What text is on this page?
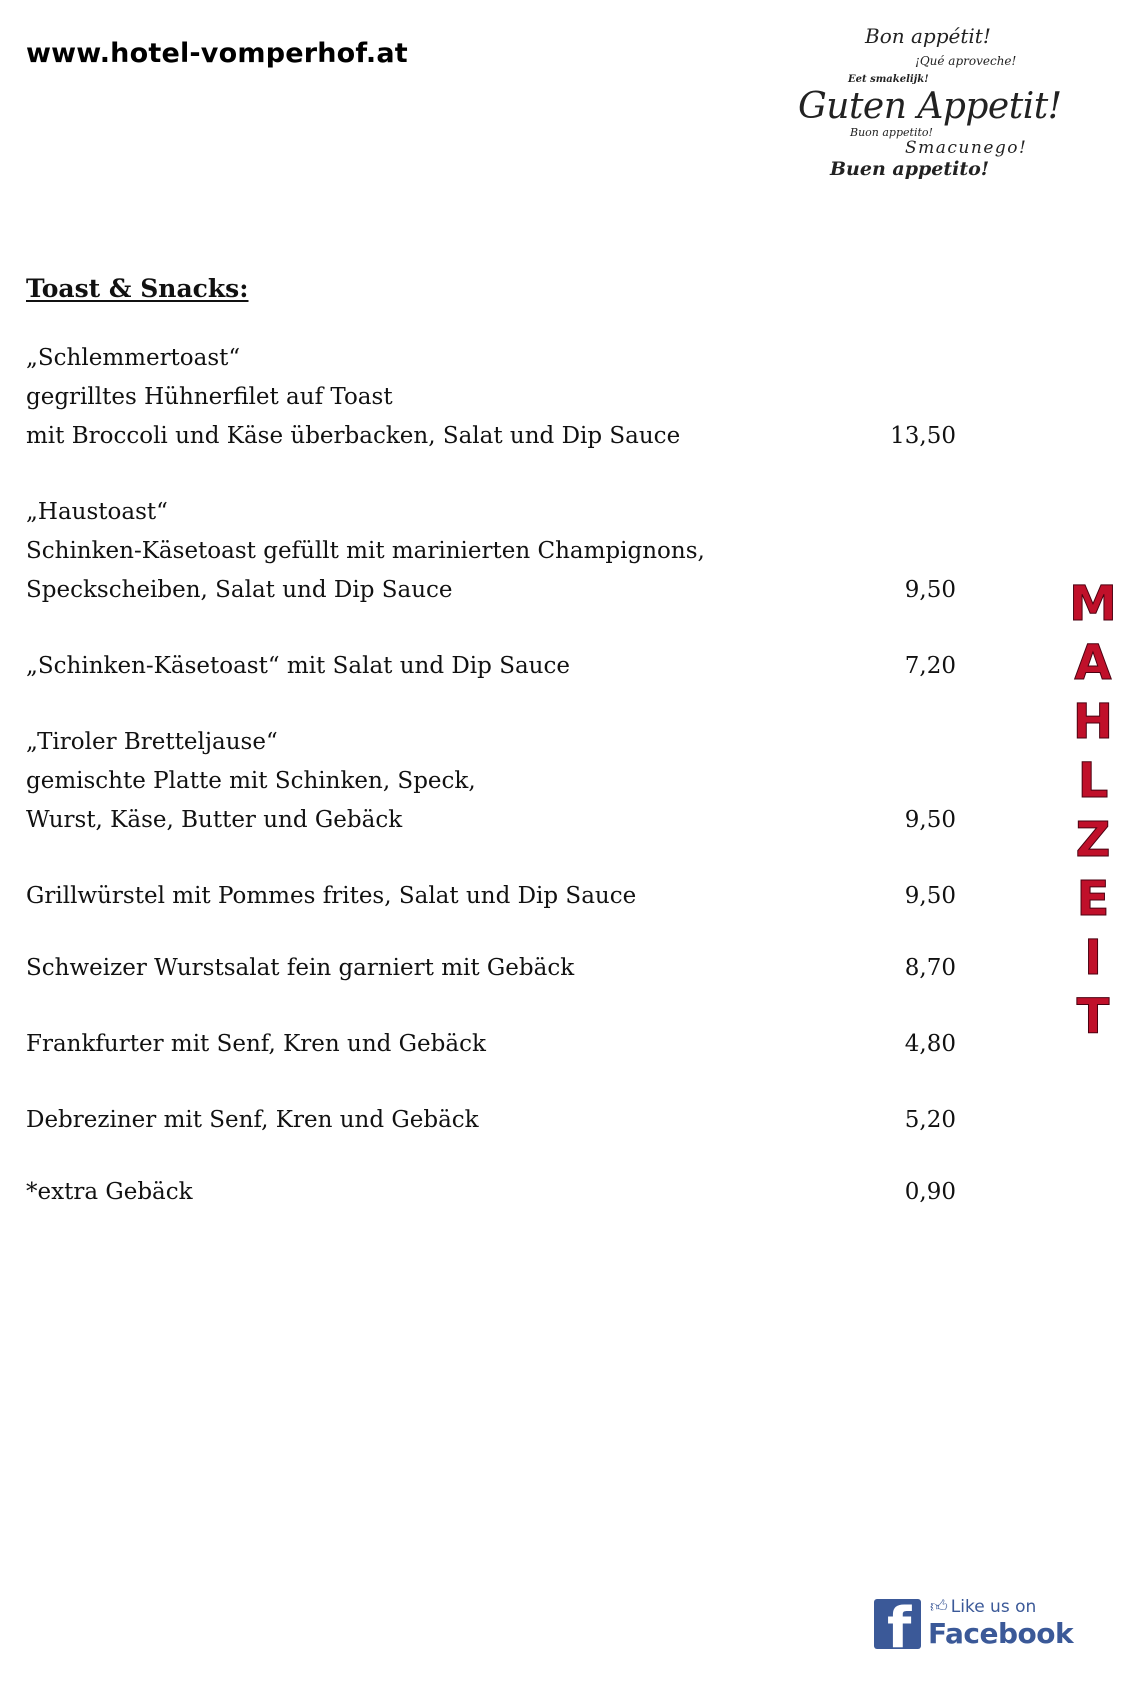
www.hotel-vomperhof.at
Bon appétit!
¡Qué aproveche!
Eet smakelijk!
Guten Appetit!
Buon appetito!
Smacunego!
Buen appetito!
Toast & Snacks:
„Schlemmertoast“
gegrilltes Hühnerfilet auf Toast
mit Broccoli und Käse überbacken, Salat und Dip Sauce	13,50
„Haustoast“
Schinken-Käsetoast gefüllt mit marinierten Champignons,
Speckscheiben, Salat und Dip Sauce	9,50
„Schinken-Käsetoast“ mit Salat und Dip Sauce	7,20
„Tiroler Bretteljause“
gemischte Platte mit Schinken, Speck,
Wurst, Käse, Butter und Gebäck	9,50
Grillwürstel mit Pommes frites, Salat und Dip Sauce	9,50
Schweizer Wurstsalat fein garniert mit Gebäck	8,70
Frankfurter mit Senf, Kren und Gebäck	4,80
Debreziner mit Senf, Kren und Gebäck	5,20
*extra Gebäck	0,90
M
A
H
L
Z
E
I
T
f 👍︎ Like us on
Facebook
